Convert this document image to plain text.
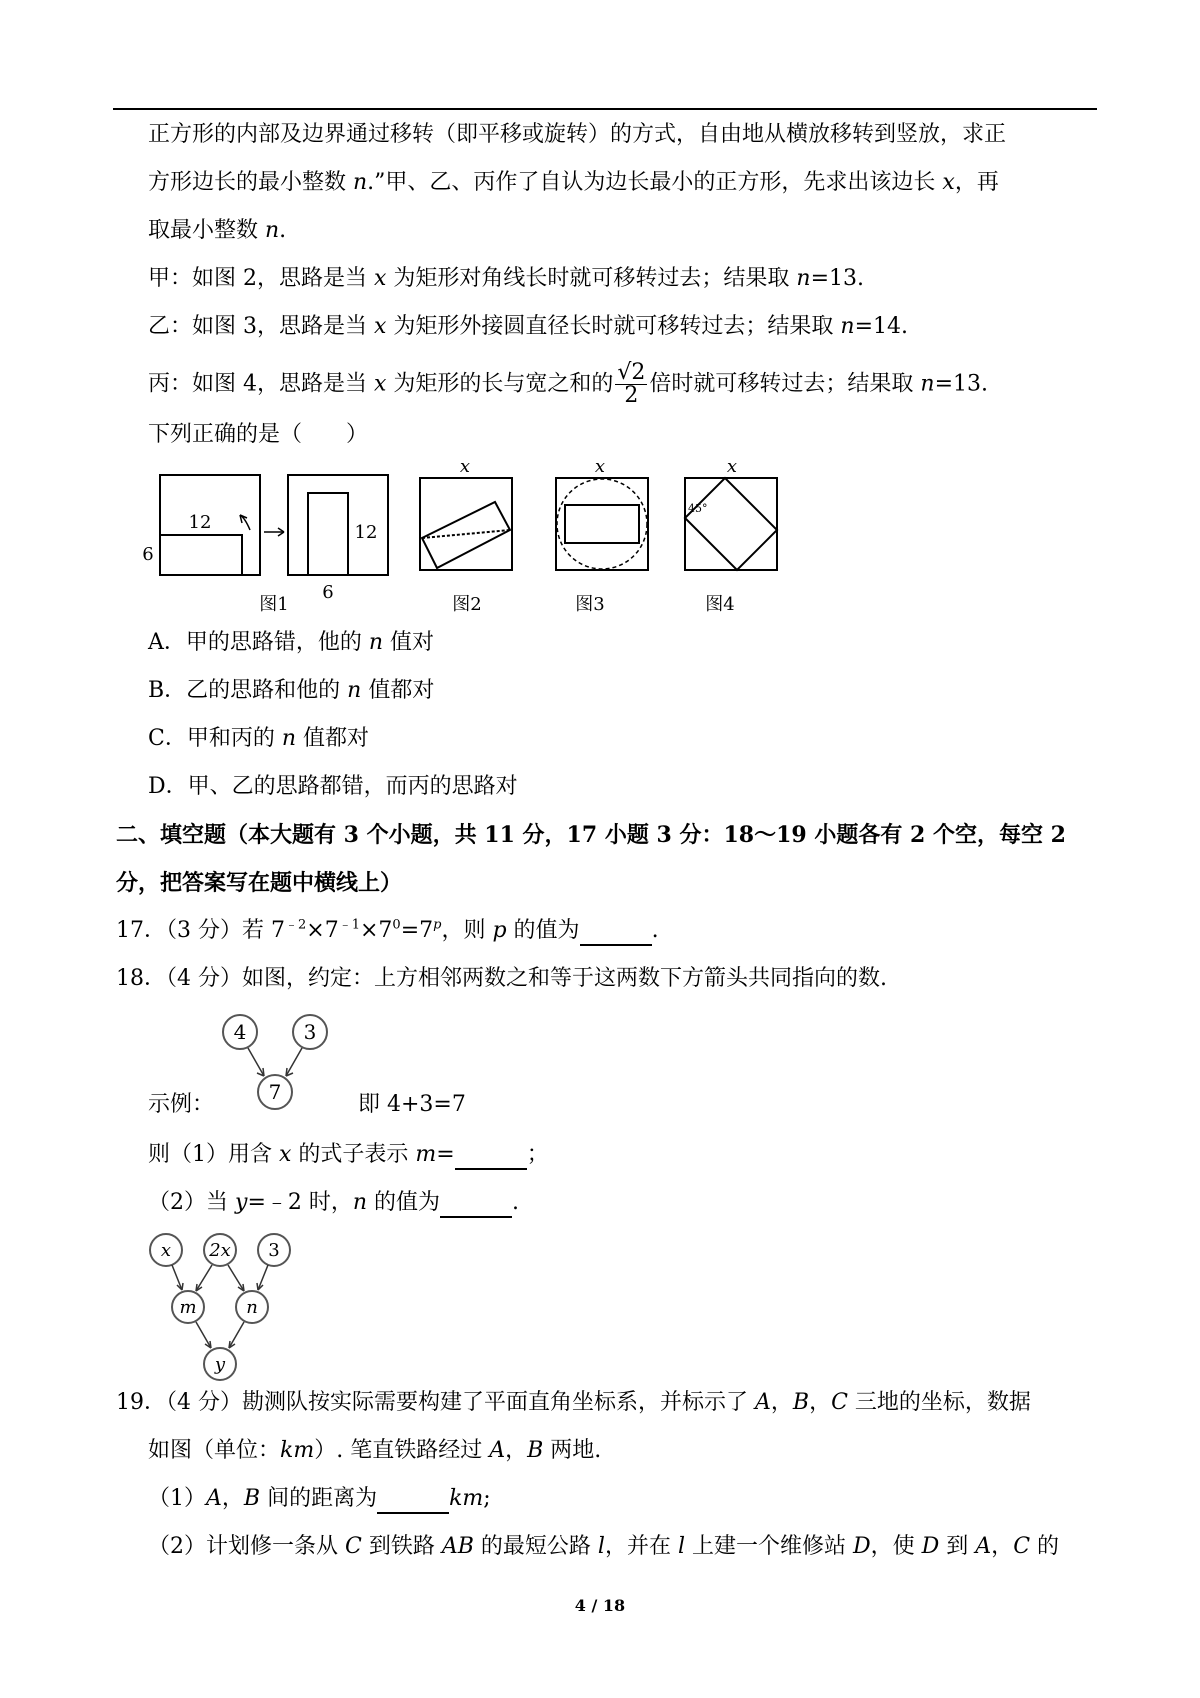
正方形的内部及边界通过移转（即平移或旋转）的方式，自由地从横放移转到竖放，求正
方形边长的最小整数 n.”甲、乙、丙作了自认为边长最小的正方形，先求出该边长 x，再
取最小整数 n.
甲：如图 2，思路是当 x 为矩形对角线长时就可移转过去；结果取 n=13.
乙：如图 3，思路是当 x 为矩形外接圆直径长时就可移转过去；结果取 n=14.
丙：如图 4，思路是当 x 为矩形的长与宽之和的 $\frac{√2}{2}$ 倍时就可移转过去；结果取 n=13.
下列正确的是（　　）
12
6
12
6
图1
x
图2
x
图3
x
45°
图4
A．甲的思路错，他的 n 值对
B．乙的思路和他的 n 值都对
C．甲和丙的 n 值都对
D．甲、乙的思路都错，而丙的思路对
二、填空题（本大题有 3 个小题，共 11 分，17 小题 3 分：18～19 小题各有 2 个空，每空 2
分，把答案写在题中横线上）
17．（3 分）若 $7^{﹣2}\times 7^{﹣1}\times 7^0=7^p$，则 p 的值为	.
18．（4 分）如图，约定：上方相邻两数之和等于这两数下方箭头共同指向的数.
4	3
7
示例：	即 4+3=7
则（1）用含 x 的式子表示 m=	；
（2）当 y=﹣2 时，n 的值为	.
x 2x 3
m	n
y
19．（4 分）勘测队按实际需要构建了平面直角坐标系，并标示了 A，B，C 三地的坐标，数据
如图（单位：km）. 笔直铁路经过 A，B 两地.
（1）A，B 间的距离为	km;
（2）计划修一条从 C 到铁路 AB 的最短公路 l，并在 l 上建一个维修站 D，使 D 到 A，C 的
4 / 18
